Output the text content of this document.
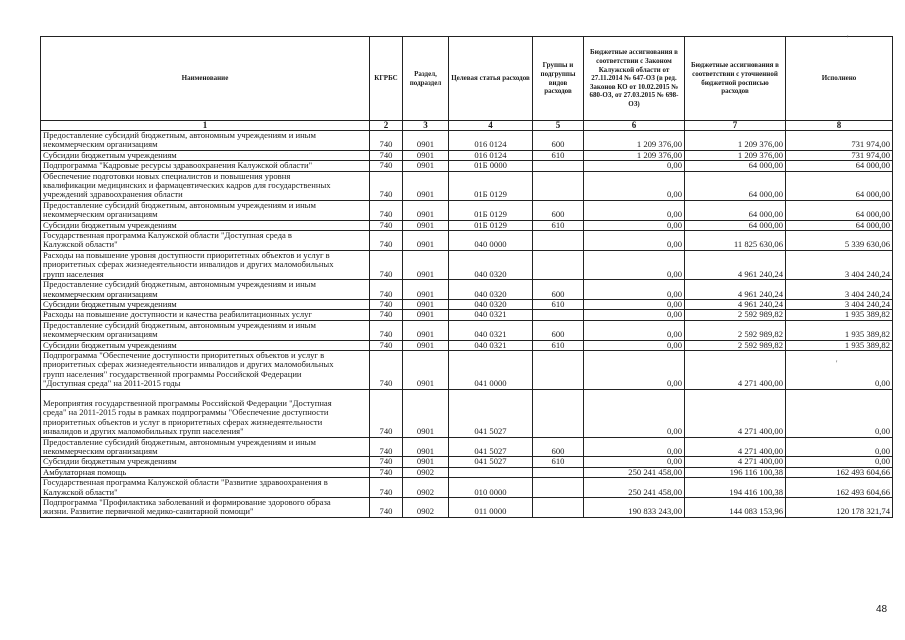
Наименование	КГРБС	Раздел, подраздел	Целевая статья расходов	Группы и подгруппы видов расходов	Бюджетные ассигнования в соответствии с Законом Калужской области от 27.11.2014 № 647-ОЗ (в ред. Законов КО от 10.02.2015 № 680-ОЗ, от 27.03.2015 № 698-ОЗ)	Бюджетные ассигнования в соответствии с уточненной бюджетной росписью расходов	Исполнено
1	2	3	4	5	6	7	8
Предоставление субсидий бюджетным, автономным учреждениям и иным
некоммерческим организациям	740	0901	016 0124	600	1 209 376,00	1 209 376,00	731 974,00
Субсидии бюджетным учреждениям	740	0901	016 0124	610	1 209 376,00	1 209 376,00	731 974,00
Подпрограмма "Кадровые ресурсы здравоохранения Калужской области"	740	0901	01Б 0000		0,00	64 000,00	64 000,00
Обеспечение подготовки новых специалистов и повышения уровня
квалификации медицинских и фармацевтических кадров для государственных
учреждений здравоохранения области	740	0901	01Б 0129		0,00	64 000,00	64 000,00
Предоставление субсидий бюджетным, автономным учреждениям и иным
некоммерческим организациям	740	0901	01Б 0129	600	0,00	64 000,00	64 000,00
Субсидии бюджетным учреждениям	740	0901	01Б 0129	610	0,00	64 000,00	64 000,00
Государственная программа Калужской области "Доступная среда в
Калужской области"	740	0901	040 0000		0,00	11 825 630,06	5 339 630,06
Расходы на повышение уровня доступности приоритетных объектов и услуг в
приоритетных сферах жизнедеятельности инвалидов и других маломобильных
групп населения	740	0901	040 0320		0,00	4 961 240,24	3 404 240,24
Предоставление субсидий бюджетным, автономным учреждениям и иным
некоммерческим организациям	740	0901	040 0320	600	0,00	4 961 240,24	3 404 240,24
Субсидии бюджетным учреждениям	740	0901	040 0320	610	0,00	4 961 240,24	3 404 240,24
Расходы на повышение доступности и качества реабилитационных услуг	740	0901	040 0321		0,00	2 592 989,82	1 935 389,82
Предоставление субсидий бюджетным, автономным учреждениям и иным
некоммерческим организациям	740	0901	040 0321	600	0,00	2 592 989,82	1 935 389,82
Субсидии бюджетным учреждениям	740	0901	040 0321	610	0,00	2 592 989,82	1 935 389,82
Подпрограмма "Обеспечение доступности приоритетных объектов и услуг в
приоритетных сферах жизнедеятельности инвалидов и других маломобильных
групп населения" государственной программы Российской Федерации
"Доступная среда" на 2011-2015 годы	740	0901	041 0000		0,00	4 271 400,00	0,00

Мероприятия государственной программы Российской Федерации "Доступная
среда" на 2011-2015 годы в рамках подпрограммы "Обеспечение доступности
приоритетных объектов и услуг в приоритетных сферах жизнедеятельности
инвалидов и других маломобильных групп населения"	740	0901	041 5027		0,00	4 271 400,00	0,00
Предоставление субсидий бюджетным, автономным учреждениям и иным
некоммерческим организациям	740	0901	041 5027	600	0,00	4 271 400,00	0,00
Субсидии бюджетным учреждениям	740	0901	041 5027	610	0,00	4 271 400,00	0,00
Амбулаторная помощь	740	0902			250 241 458,00	196 116 100,38	162 493 604,66
Государственная программа Калужской области "Развитие здравоохранения в
Калужской области"	740	0902	010 0000		250 241 458,00	194 416 100,38	162 493 604,66
Подпрограмма "Профилактика заболеваний и формирование здорового образа
жизни. Развитие первичной медико-санитарной помощи"	740	0902	011 0000		190 833 243,00	144 083 153,96	120 178 321,74
'
'
48
